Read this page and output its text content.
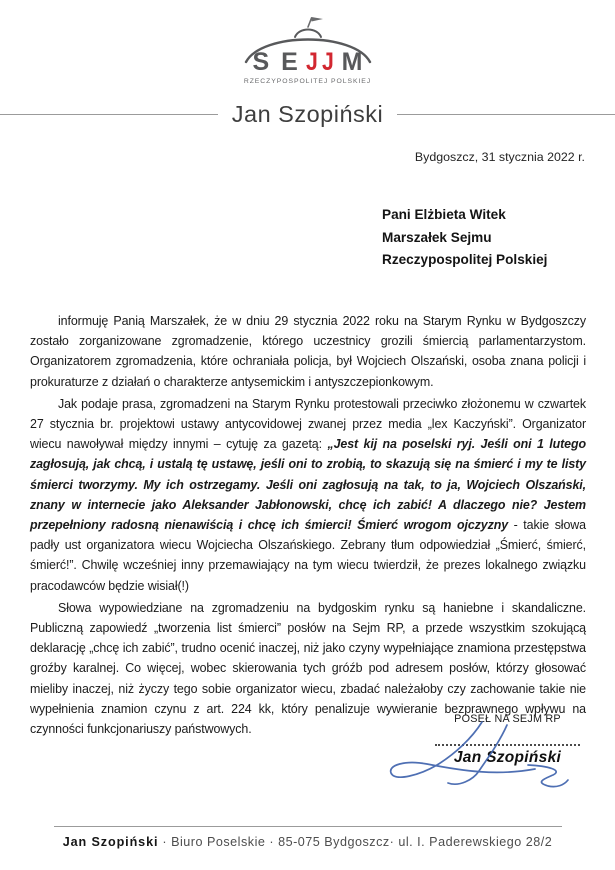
S E J J M
RZECZYPOSPOLITEJ POLSKIEJ
Jan Szopiński
Bydgoszcz, 31 stycznia 2022 r.
Pani Elżbieta Witek
Marszałek Sejmu
Rzeczypospolitej Polskiej

informuję Panią Marszałek, że w dniu 29 stycznia 2022 roku na Starym Rynku w Bydgoszczy zostało zorganizowane zgromadzenie, którego uczestnicy grozili śmiercią parlamentarzystom. Organizatorem zgromadzenia, które ochraniała policja, był Wojciech Olszański, osoba znana policji i prokuraturze z działań o charakterze antysemickim i antyszczepionkowym.

Jak podaje prasa, zgromadzeni na Starym Rynku protestowali przeciwko złożonemu w czwartek 27 stycznia br. projektowi ustawy antycovidowej zwanej przez media „lex Kaczyński”. Organizator wiecu nawoływał między innymi – cytuję za gazetą: „Jest kij na poselski ryj. Jeśli oni 1 lutego zagłosują, jak chcą, i ustalą tę ustawę, jeśli oni to zrobią, to skazują się na śmierć i my te listy śmierci tworzymy. My ich ostrzegamy. Jeśli oni zagłosują na tak, to ja, Wojciech Olszański, znany w internecie jako Aleksander Jabłonowski, chcę ich zabić! A dlaczego nie? Jestem przepełniony radosną nienawiścią i chcę ich śmierci! Śmierć wrogom ojczyzny - takie słowa padły ust organizatora wiecu Wojciecha Olszańskiego. Zebrany tłum odpowiedział „Śmierć, śmierć, śmierć!”. Chwilę wcześniej inny przemawiający na tym wiecu twierdził, że prezes lokalnego związku pracodawców będzie wisiał(!)

Słowa wypowiedziane na zgromadzeniu na bydgoskim rynku są haniebne i skandaliczne. Publiczną zapowiedź „tworzenia list śmierci” posłów na Sejm RP, a przede wszystkim szokującą deklarację „chcę ich zabić”, trudno ocenić inaczej, niż jako czyny wypełniające znamiona przestępstwa groźby karalnej. Co więcej, wobec skierowania tych gróźb pod adresem posłów, którzy głosować mieliby inaczej, niż życzy tego sobie organizator wiecu, zbadać należałoby czy zachowanie takie nie wypełnienia znamion czynu z art. 224 kk, który penalizuje wywieranie bezprawnego wpływu na czynności funkcjonariuszy państwowych.

POSEŁ NA SEJM RP
Jan Szopiński
Jan Szopiński · Biuro Poselskie · 85-075 Bydgoszcz· ul. I. Paderewskiego 28/2
